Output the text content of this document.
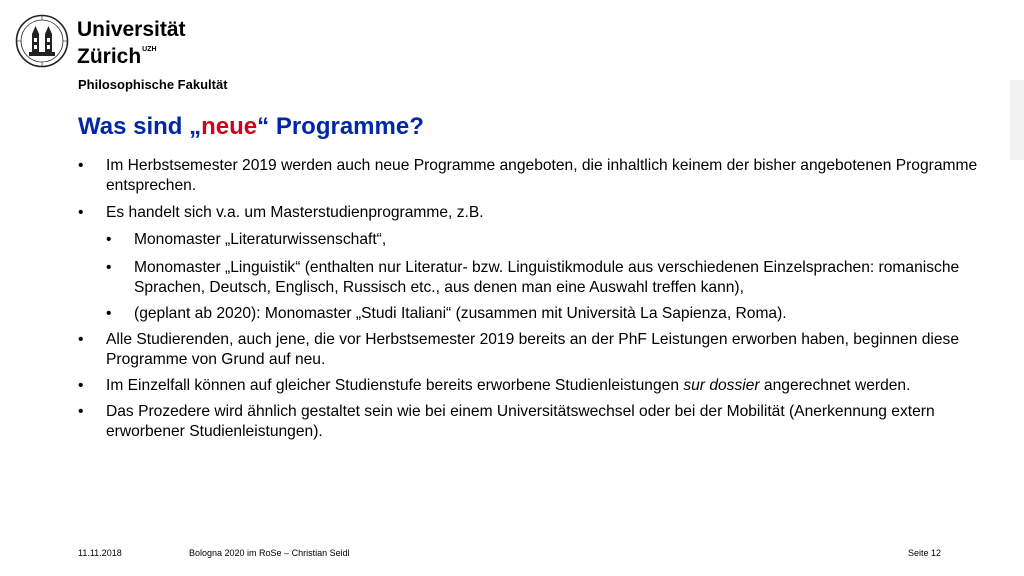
Universität
Zürich$^{UZH}$
Philosophische Fakultät
Was sind „neue“ Programme?
• Im Herbstsemester 2019 werden auch neue Programme angeboten, die inhaltlich keinem der bisher angebotenen Programme entsprechen.
• Es handelt sich v.a. um Masterstudienprogramme, z.B.
• Monomaster „Literaturwissenschaft“,
• Monomaster „Linguistik“ (enthalten nur Literatur- bzw. Linguistikmodule aus verschiedenen Einzelsprachen: romanische Sprachen, Deutsch, Englisch, Russisch etc., aus denen man eine Auswahl treffen kann),
• (geplant ab 2020): Monomaster „Studi Italiani“ (zusammen mit Università La Sapienza, Roma).
• Alle Studierenden, auch jene, die vor Herbstsemester 2019 bereits an der PhF Leistungen erworben haben, beginnen diese Programme von Grund auf neu.
• Im Einzelfall können auf gleicher Studienstufe bereits erworbene Studienleistungen sur dossier angerechnet werden.
• Das Prozedere wird ähnlich gestaltet sein wie bei einem Universitätswechsel oder bei der Mobilität (Anerkennung extern erworbener Studienleistungen).
11.11.2018	Bologna 2020 im RoSe – Christian Seidl	Seite 12
